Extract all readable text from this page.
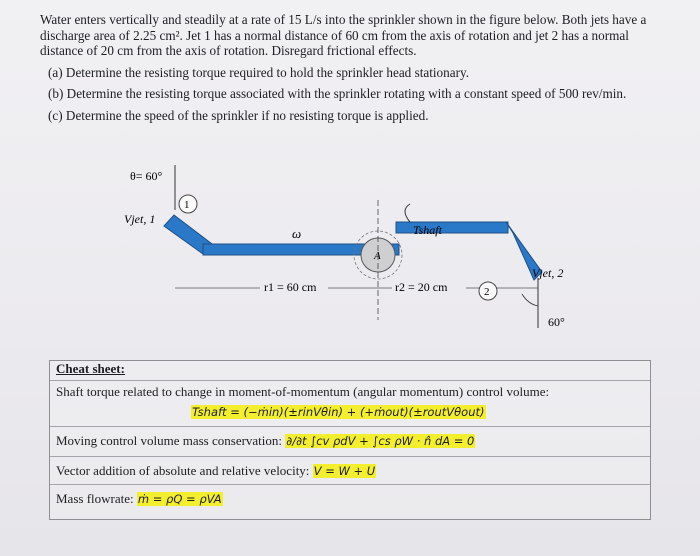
Water enters vertically and steadily at a rate of 15 L/s into the sprinkler shown in the figure below. Both jets have a discharge area of 2.25 cm². Jet 1 has a normal distance of 60 cm from the axis of rotation and jet 2 has a normal distance of 20 cm from the axis of rotation. Disregard frictional effects.

(a) Determine the resisting torque required to hold the sprinkler head stationary.

(b) Determine the resisting torque associated with the sprinkler rotating with a constant speed of 500 rev/min.

(c) Determine the speed of the sprinkler if no resisting torque is applied.

θ= 60°
Vjet, 1
1
A
ω	Tshaft
r1 = 60 cm	r2 = 20 cm	2
Vjet, 2
60°
Cheat sheet:
Shaft torque related to change in moment-of-momentum (angular momentum) control volume:
Tshaft = (−ṁin)(±rinVθin) + (+ṁout)(±routVθout)
Moving control volume mass conservation: ∂/∂t ∫cv ρdV + ∫cs ρW · n̂ dA = 0
Vector addition of absolute and relative velocity: V = W + U
Mass flowrate: ṁ = ρQ = ρVA
